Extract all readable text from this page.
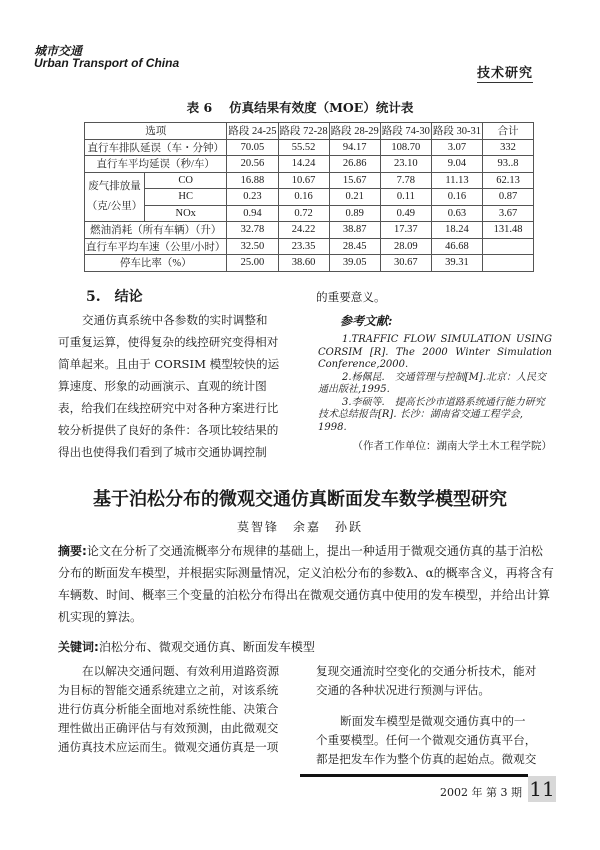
城市交通
Urban Transport of China
技术研究
表 6　 仿真结果有效度（MOE）统计表
选项		路段 24-25	路段 72-28	路段 28-29	路段 74-30	路段 30-31	合计
直行车排队延误（车・分钟）		70.05	55.52	94.17	108.70	3.07	332
直行车平均延误（秒/车）		20.56	14.24	26.86	23.10	9.04	93..8
废气排放量（克/公里）	CO	16.88	10.67	15.67	7.78	11.13	62.13
	HC	0.23	0.16	0.21	0.11	0.16	0.87
	NOx	0.94	0.72	0.89	0.49	0.63	3.67
燃油消耗（所有车辆）（升）		32.78	24.22	38.87	17.37	18.24	131.48
直行车平均车速（公里/小时）		32.50	23.35	28.45	28.09	46.68	
停车比率（%）		25.00	38.60	39.05	30.67	39.31	
5.　结论
交通仿真系统中各参数的实时调整和
可重复运算，使得复杂的线控研究变得相对
简单起来。且由于 CORSIM 模型较快的运
算速度、形象的动画演示、直观的统计图
表，给我们在线控研究中对各种方案进行比
较分析提供了良好的条件：各项比较结果的
得出也使得我们看到了城市交通协调控制
的重要意义。
参考文献:
1.TRAFFIC FLOW SIMULATION USING CORSIM [R]. The 2000 Winter Simulation Conference,2000.
2.杨佩昆.　交通管理与控制[M].北京：人民交通出版社,1995.
3.李硕等.　提高长沙市道路系统通行能力研究技术总结报告[R]. 长沙：湖南省交通工程学会, 1998.
（作者工作单位：湖南大学土木工程学院）
基于泊松分布的微观交通仿真断面发车数学模型研究
莫智锋　余嘉　孙跃
摘要:论文在分析了交通流概率分布规律的基础上，提出一种适用于微观交通仿真的基于泊松分布的断面发车模型，并根据实际测量情况，定义泊松分布的参数λ、α的概率含义，再将含有车辆数、时间、概率三个变量的泊松分布得出在微观交通仿真中使用的发车模型，并给出计算机实现的算法。
关键词:泊松分布、微观交通仿真、断面发车模型
在以解决交通问题、有效利用道路资源
为目标的智能交通系统建立之前，对该系统
进行仿真分析能全面地对系统性能、决策合
理性做出正确评估与有效预测，由此微观交
通仿真技术应运而生。微观交通仿真是一项
复现交通流时空变化的交通分析技术，能对
交通的各种状况进行预测与评估。
断面发车模型是微观交通仿真中的一
个重要模型。任何一个微观交通仿真平台，
都是把发车作为整个仿真的起始点。微观交
2002 年 第 3 期 11
